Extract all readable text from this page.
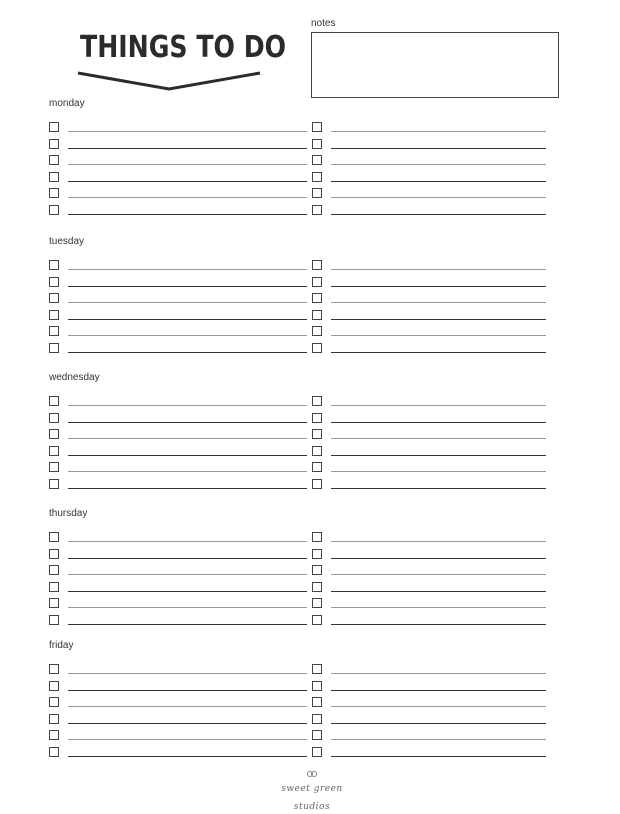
THINGS TO DO
notes
monday
tuesday
wednesday
thursday
friday
sweet green studios
